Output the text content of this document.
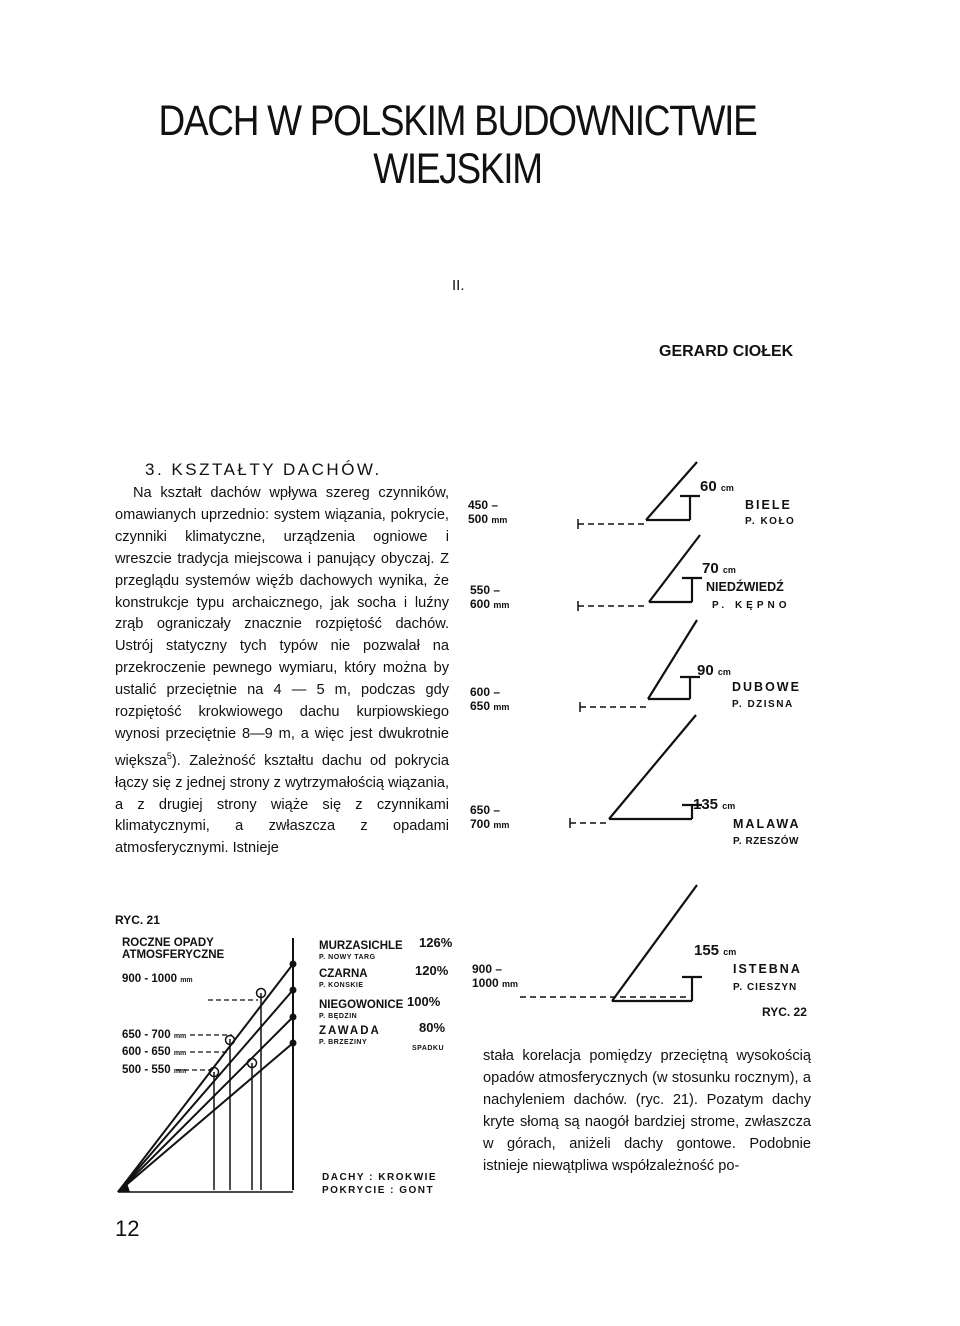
DACH W POLSKIM BUDOWNICTWIE
WIEJSKIM
II.
GERARD CIOŁEK
3. KSZTAŁTY DACHÓW.

Na kształt dachów wpływa szereg czynników, omawianych uprzednio: system wiązania, pokrycie, czynniki klimatyczne, urządzenia ogniowe i wreszcie tradycja miejscowa i panujący obyczaj. Z przeglądu systemów więźb dachowych wynika, że konstrukcje typu archaicznego, jak socha i luźny zrąb ograniczały znacznie rozpiętość dachów. Ustrój statyczny tych typów nie pozwalał na przekroczenie pewnego wymiaru, który można by ustalić przeciętnie na 4 — 5 m, podczas gdy rozpiętość krokwiowego dachu kurpiowskiego wynosi przeciętnie 8—9 m, a więc jest dwukrotnie większa$^5$). Zależność kształtu dachu od pokrycia łączy się z jednej strony z wytrzymałością wiązania, a z drugiej strony wiąże się z czynnikami klimatycznymi, a zwłaszcza z opadami atmosferycznymi. Istnieje

stała korelacja pomiędzy przeciętną wysokością opadów atmosferycznych (w stosunku rocznym), a nachyleniem dachów. (ryc. 21). Pozatym dachy kryte słomą są naogół bardziej strome, zwłaszcza w górach, aniżeli dachy gontowe. Podobnie istnieje niewątpliwa współzależność po-

RYC. 21
ROCZNE OPADY ATMOSFERYCZNE
900 - 1000 mm
650 - 700 mm
600 - 650 mm
500 - 550 mm
MURZASICHLE 126%
P. NOWY TARG
CZARNA	120%
P. KONSKIE
NIEGOWONICE 100%
P. BĘDZIN
ZAWADA	80%
P. BRZEZINY
SPADKU
DACHY : KROKWIE
POKRYCIE : GONT
450 –
500 mm
60 cm
BIELE
P. KOŁO
550 –
600 mm
70 cm
NIEDŹWIEDŹ
P. KĘPNO
600 –
650 mm
90 cm
DUBOWE
P. DZISNA
650 –
700 mm
135 cm
MALAWA
P. RZESZÓW
900 –
1000 mm
155 cm
ISTEBNA
P. CIESZYN
RYC. 22
12
